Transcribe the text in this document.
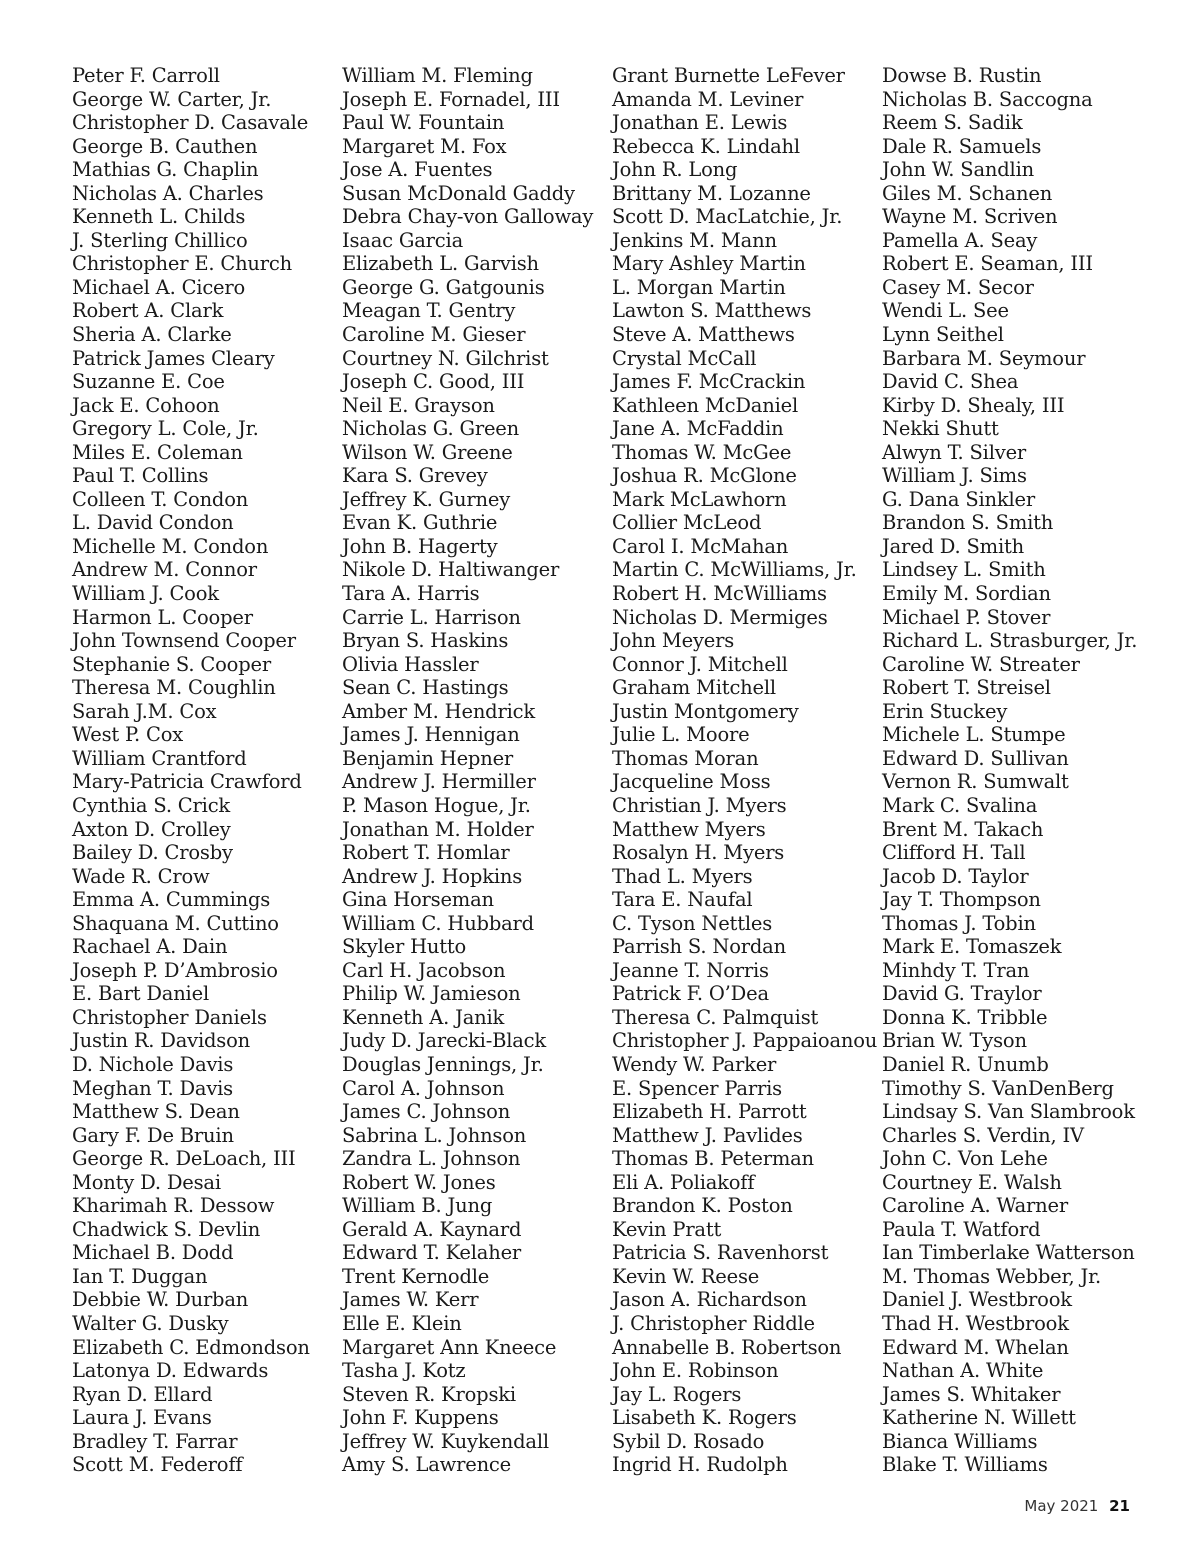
Peter F. Carroll
George W. Carter, Jr.
Christopher D. Casavale
George B. Cauthen
Mathias G. Chaplin
Nicholas A. Charles
Kenneth L. Childs
J. Sterling Chillico
Christopher E. Church
Michael A. Cicero
Robert A. Clark
Sheria A. Clarke
Patrick James Cleary
Suzanne E. Coe
Jack E. Cohoon
Gregory L. Cole, Jr.
Miles E. Coleman
Paul T. Collins
Colleen T. Condon
L. David Condon
Michelle M. Condon
Andrew M. Connor
William J. Cook
Harmon L. Cooper
John Townsend Cooper
Stephanie S. Cooper
Theresa M. Coughlin
Sarah J.M. Cox
West P. Cox
William Crantford
Mary-Patricia Crawford
Cynthia S. Crick
Axton D. Crolley
Bailey D. Crosby
Wade R. Crow
Emma A. Cummings
Shaquana M. Cuttino
Rachael A. Dain
Joseph P. D’Ambrosio
E. Bart Daniel
Christopher Daniels
Justin R. Davidson
D. Nichole Davis
Meghan T. Davis
Matthew S. Dean
Gary F. De Bruin
George R. DeLoach, III
Monty D. Desai
Kharimah R. Dessow
Chadwick S. Devlin
Michael B. Dodd
Ian T. Duggan
Debbie W. Durban
Walter G. Dusky
Elizabeth C. Edmondson
Latonya D. Edwards
Ryan D. Ellard
Laura J. Evans
Bradley T. Farrar
Scott M. Federoff
William M. Fleming
Joseph E. Fornadel, III
Paul W. Fountain
Margaret M. Fox
Jose A. Fuentes
Susan McDonald Gaddy
Debra Chay-von Galloway
Isaac Garcia
Elizabeth L. Garvish
George G. Gatgounis
Meagan T. Gentry
Caroline M. Gieser
Courtney N. Gilchrist
Joseph C. Good, III
Neil E. Grayson
Nicholas G. Green
Wilson W. Greene
Kara S. Grevey
Jeffrey K. Gurney
Evan K. Guthrie
John B. Hagerty
Nikole D. Haltiwanger
Tara A. Harris
Carrie L. Harrison
Bryan S. Haskins
Olivia Hassler
Sean C. Hastings
Amber M. Hendrick
James J. Hennigan
Benjamin Hepner
Andrew J. Hermiller
P. Mason Hogue, Jr.
Jonathan M. Holder
Robert T. Homlar
Andrew J. Hopkins
Gina Horseman
William C. Hubbard
Skyler Hutto
Carl H. Jacobson
Philip W. Jamieson
Kenneth A. Janik
Judy D. Jarecki-Black
Douglas Jennings, Jr.
Carol A. Johnson
James C. Johnson
Sabrina L. Johnson
Zandra L. Johnson
Robert W. Jones
William B. Jung
Gerald A. Kaynard
Edward T. Kelaher
Trent Kernodle
James W. Kerr
Elle E. Klein
Margaret Ann Kneece
Tasha J. Kotz
Steven R. Kropski
John F. Kuppens
Jeffrey W. Kuykendall
Amy S. Lawrence
Grant Burnette LeFever
Amanda M. Leviner
Jonathan E. Lewis
Rebecca K. Lindahl
John R. Long
Brittany M. Lozanne
Scott D. MacLatchie, Jr.
Jenkins M. Mann
Mary Ashley Martin
L. Morgan Martin
Lawton S. Matthews
Steve A. Matthews
Crystal McCall
James F. McCrackin
Kathleen McDaniel
Jane A. McFaddin
Thomas W. McGee
Joshua R. McGlone
Mark McLawhorn
Collier McLeod
Carol I. McMahan
Martin C. McWilliams, Jr.
Robert H. McWilliams
Nicholas D. Mermiges
John Meyers
Connor J. Mitchell
Graham Mitchell
Justin Montgomery
Julie L. Moore
Thomas Moran
Jacqueline Moss
Christian J. Myers
Matthew Myers
Rosalyn H. Myers
Thad L. Myers
Tara E. Naufal
C. Tyson Nettles
Parrish S. Nordan
Jeanne T. Norris
Patrick F. O’Dea
Theresa C. Palmquist
Christopher J. Pappaioanou
Wendy W. Parker
E. Spencer Parris
Elizabeth H. Parrott
Matthew J. Pavlides
Thomas B. Peterman
Eli A. Poliakoff
Brandon K. Poston
Kevin Pratt
Patricia S. Ravenhorst
Kevin W. Reese
Jason A. Richardson
J. Christopher Riddle
Annabelle B. Robertson
John E. Robinson
Jay L. Rogers
Lisabeth K. Rogers
Sybil D. Rosado
Ingrid H. Rudolph
Dowse B. Rustin
Nicholas B. Saccogna
Reem S. Sadik
Dale R. Samuels
John W. Sandlin
Giles M. Schanen
Wayne M. Scriven
Pamella A. Seay
Robert E. Seaman, III
Casey M. Secor
Wendi L. See
Lynn Seithel
Barbara M. Seymour
David C. Shea
Kirby D. Shealy, III
Nekki Shutt
Alwyn T. Silver
William J. Sims
G. Dana Sinkler
Brandon S. Smith
Jared D. Smith
Lindsey L. Smith
Emily M. Sordian
Michael P. Stover
Richard L. Strasburger, Jr.
Caroline W. Streater
Robert T. Streisel
Erin Stuckey
Michele L. Stumpe
Edward D. Sullivan
Vernon R. Sumwalt
Mark C. Svalina
Brent M. Takach
Clifford H. Tall
Jacob D. Taylor
Jay T. Thompson
Thomas J. Tobin
Mark E. Tomaszek
Minhdy T. Tran
David G. Traylor
Donna K. Tribble
Brian W. Tyson
Daniel R. Unumb
Timothy S. VanDenBerg
Lindsay S. Van Slambrook
Charles S. Verdin, IV
John C. Von Lehe
Courtney E. Walsh
Caroline A. Warner
Paula T. Watford
Ian Timberlake Watterson
M. Thomas Webber, Jr.
Daniel J. Westbrook
Thad H. Westbrook
Edward M. Whelan
Nathan A. White
James S. Whitaker
Katherine N. Willett
Bianca Williams
Blake T. Williams
May 2021 21
